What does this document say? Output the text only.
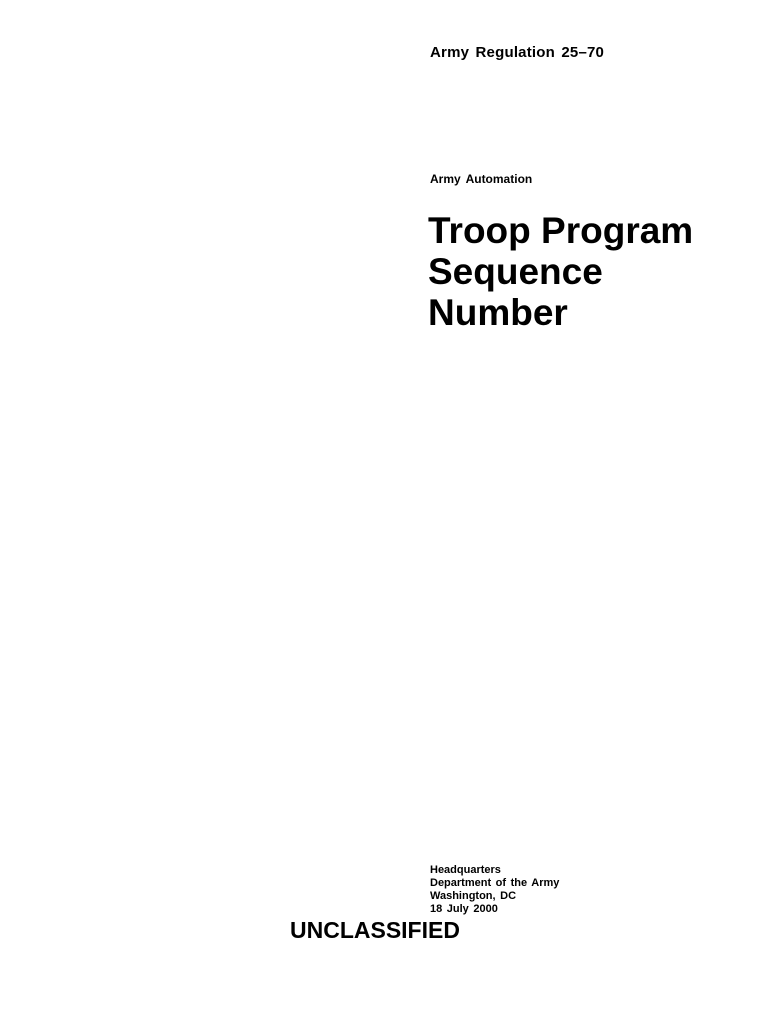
Army Regulation 25–70
Army Automation
Troop Program
Sequence
Number
Headquarters
Department of the Army
Washington, DC
18 July 2000
UNCLASSIFIED
